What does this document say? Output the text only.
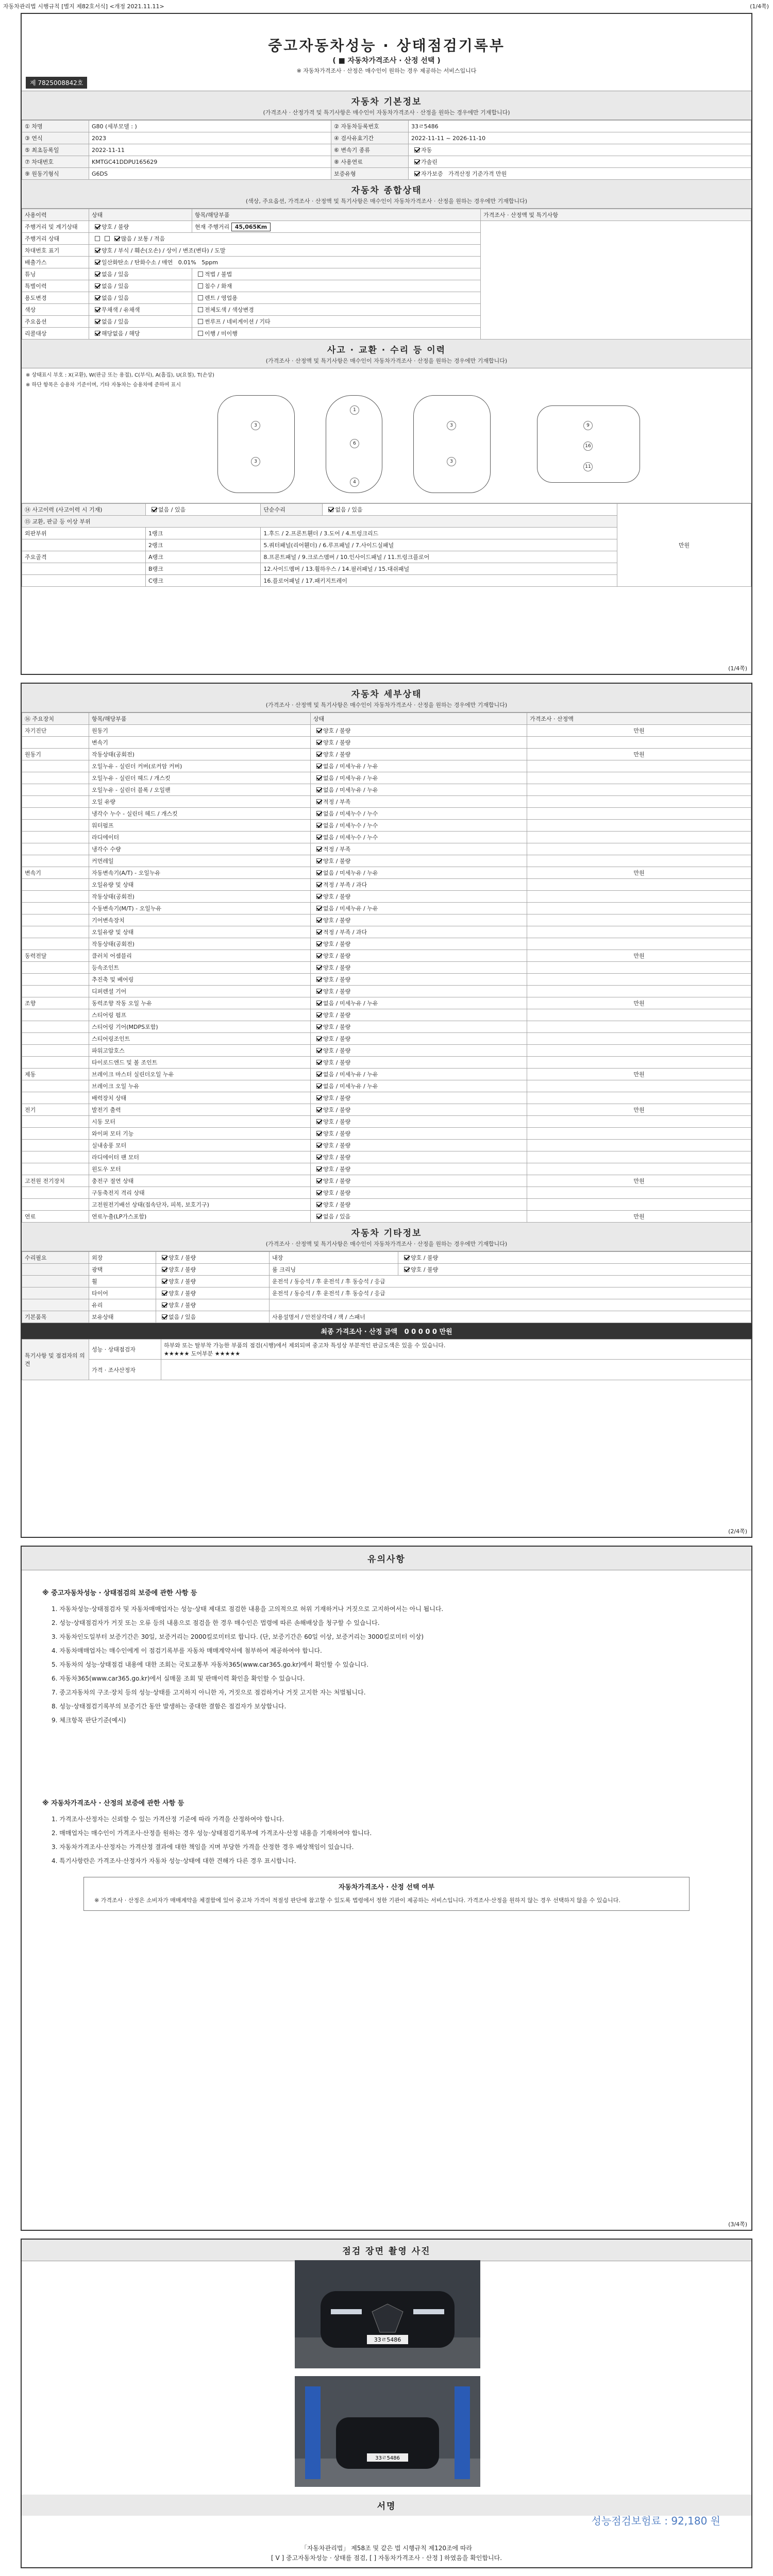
자동차관리법 시행규칙 [별지 제82호서식] <개정 2021.11.11>	(1/4쪽)
중고자동차성능 · 상태점검기록부
( ■ 자동차가격조사 · 산정 선택 )
※ 자동차가격조사 · 산정은 매수인이 원하는 경우 제공하는 서비스입니다
제 7825008842호
자동차 기본정보
(가격조사 · 산정가격 및 특기사항은 매수인이 자동차가격조사 · 산정을 원하는 경우에만 기재합니다)
① 차명	G80 (세부모델 : )	② 자동차등록번호	33ㄹ5486
③ 연식	2023	④ 검사유효기간	2022-11-11 ~ 2026-11-10
⑤ 최초등록일	2022-11-11	⑥ 변속기 종류	자동
⑦ 차대번호	KMTGC41DDPU165629	⑧ 사용연료	가솔린
⑨ 원동기형식	G6DS	보증유형	자가보증 가격산정 기준가격 만원
자동차 종합상태
(색상, 주요옵션, 가격조사 · 산정액 및 특기사항은 매수인이 자동차가격조사 · 산정을 원하는 경우에만 기재합니다)
사용이력	상태	항목/해당부품	가격조사 · 산정액 및 특기사항
주행거리 및 계기상태	양호 / 불량	현재 주행거리 45,065Km	
주행거리 상태	많음 / 보통 / 적음		
차대번호 표기	양호 / 부식 / 훼손(오손) / 상이 / 변조(변타) / 도말		
배출가스	일산화탄소 / 탄화수소 / 매연 0.01% 5ppm		
튜닝	없음 / 있음	적법 / 불법	
특별이력	없음 / 있음	침수 / 화재	
용도변경	없음 / 있음	렌트 / 영업용	
색상	무채색 / 유채색	전체도색 / 색상변경	
주요옵션	없음 / 있음	썬루프 / 네비게이션 / 기타	
리콜대상	해당없음 / 해당	이행 / 미이행	
사고 · 교환 · 수리 등 이력
(가격조사 · 산정액 및 특기사항은 매수인이 자동차가격조사 · 산정을 원하는 경우에만 기재합니다)
※ 상태표시 부호 : X(교환), W(판금 또는 용접), C(부식), A(흠집), U(요철), T(손상)
※ 하단 항목은 승용차 기준이며, 기타 자동차는 승용차에 준하여 표시
1
6
4
3
3
3
3
9
16
11
⑭ 사고이력 (사고이력 시 기재)	없음 / 있음	단순수리	없음 / 있음	만원
⑮ 교환, 판금 등 이상 부위				
외판부위	1랭크	1.후드 / 2.프론트휀더 / 3.도어 / 4.트렁크리드		
	2랭크	5.쿼터패널(리어휀더) / 6.루프패널 / 7.사이드실패널		
주요골격	A랭크	8.프론트패널 / 9.크로스멤버 / 10.인사이드패널 / 11.트렁크플로어		
	B랭크	12.사이드멤버 / 13.휠하우스 / 14.필러패널 / 15.대쉬패널		
	C랭크	16.플로어패널 / 17.패키지트레이		
(1/4쪽)
자동차 세부상태
(가격조사 · 산정액 및 특기사항은 매수인이 자동차가격조사 · 산정을 원하는 경우에만 기재합니다)
⑯ 주요장치	항목/해당부품	상태	가격조사 · 산정액
자기진단	원동기	양호 / 불량	만원
	변속기	양호 / 불량	
원동기	작동상태(공회전)	양호 / 불량	만원
	오일누유 - 실린더 커버(로커암 커버)	없음 / 미세누유 / 누유	
	오일누유 - 실린더 헤드 / 개스킷	없음 / 미세누유 / 누유	
	오일누유 - 실린더 블록 / 오일팬	없음 / 미세누유 / 누유	
	오일 유량	적정 / 부족	
	냉각수 누수 - 실린더 헤드 / 개스킷	없음 / 미세누수 / 누수	
	워터펌프	없음 / 미세누수 / 누수	
	라디에이터	없음 / 미세누수 / 누수	
	냉각수 수량	적정 / 부족	
	커먼레일	양호 / 불량	
변속기	자동변속기(A/T) - 오일누유	없음 / 미세누유 / 누유	만원
	오일유량 및 상태	적정 / 부족 / 과다	
	작동상태(공회전)	양호 / 불량	
	수동변속기(M/T) - 오일누유	없음 / 미세누유 / 누유	
	기어변속장치	양호 / 불량	
	오일유량 및 상태	적정 / 부족 / 과다	
	작동상태(공회전)	양호 / 불량	
동력전달	클러치 어셈블리	양호 / 불량	만원
	등속조인트	양호 / 불량	
	추진축 및 베어링	양호 / 불량	
	디퍼렌셜 기어	양호 / 불량	
조향	동력조향 작동 오일 누유	없음 / 미세누유 / 누유	만원
	스티어링 펌프	양호 / 불량	
	스티어링 기어(MDPS포함)	양호 / 불량	
	스티어링조인트	양호 / 불량	
	파워고압호스	양호 / 불량	
	타이로드엔드 및 볼 조인트	양호 / 불량	
제동	브레이크 마스터 실린더오일 누유	없음 / 미세누유 / 누유	만원
	브레이크 오일 누유	없음 / 미세누유 / 누유	
	배력장치 상태	양호 / 불량	
전기	발전기 출력	양호 / 불량	만원
	시동 모터	양호 / 불량	
	와이퍼 모터 기능	양호 / 불량	
	실내송풍 모터	양호 / 불량	
	라디에이터 팬 모터	양호 / 불량	
	윈도우 모터	양호 / 불량	
고전원 전기장치	충전구 절연 상태	양호 / 불량	만원
	구동축전지 격리 상태	양호 / 불량	
	고전원전기배선 상태(접속단자, 피복, 보호기구)	양호 / 불량	
연료	연료누출(LP가스포함)	없음 / 있음	만원
자동차 기타정보
(가격조사 · 산정액 및 특기사항은 매수인이 자동차가격조사 · 산정을 원하는 경우에만 기재합니다)
수리필요	외장	양호 / 불량	내장	양호 / 불량
	광택	양호 / 불량	룸 크리닝	양호 / 불량
	휠	양호 / 불량	운전석 / 동승석 / 후 운전석 / 후 동승석 / 응급	
	타이어	양호 / 불량	운전석 / 동승석 / 후 운전석 / 후 동승석 / 응급	
	유리	양호 / 불량		
기본품목	보유상태	없음 / 있음	사용설명서 / 안전삼각대 / 잭 / 스패너	
최종 가격조사 · 산정 금액 0 0 0 0 0 만원
특기사항 및 점검자의 의견	성능 · 상태점검자	하부와 또는 탈부착 가능한 부품의 점검(시행)에서 제외되며 중고차 특성상 부분적인 판금도색은 있을 수 있습니다.
★★★★★ 도어부분 ★★★★★

	가격 · 조사산정자	
(2/4쪽)
유의사항
※ 중고자동차성능 · 상태점검의 보증에 관한 사항 등

1. 자동차성능·상태점검자 및 자동차매매업자는 성능·상태 제대로 점검한 내용을 고의적으로 허위 기재하거나 거짓으로 고지하여서는 아니 됩니다.

2. 성능·상태점검자가 거짓 또는 오류 등의 내용으로 점검을 한 경우 매수인은 법령에 따른 손해배상을 청구할 수 있습니다.

3. 자동차인도일부터 보증기간은 30일, 보증거리는 2000킬로미터로 합니다. (단, 보증기간은 60일 이상, 보증거리는 3000킬로미터 이상)

4. 자동차매매업자는 매수인에게 이 점검기록부를 자동차 매매계약서에 첨부하여 제공하여야 합니다.

5. 자동차의 성능·상태점검 내용에 대한 조회는 국토교통부 자동차365(www.car365.go.kr)에서 확인할 수 있습니다.

6. 자동차365(www.car365.go.kr)에서 실매물 조회 및 판매이력 확인을 확인할 수 있습니다.

7. 중고자동차의 구조·장치 등의 성능·상태를 고지하지 아니한 자, 거짓으로 점검하거나 거짓 고지한 자는 처벌됩니다.

8. 성능·상태점검기록부의 보증기간 동안 발생하는 중대한 결함은 점검자가 보상합니다.

9. 체크항목 판단기준(예시)

※ 자동차가격조사 · 산정의 보증에 관한 사항 등

1. 가격조사·산정자는 신뢰할 수 있는 가격산정 기준에 따라 가격을 산정하여야 합니다.

2. 매매업자는 매수인이 가격조사·산정을 원하는 경우 성능·상태점검기록부에 가격조사·산정 내용을 기재하여야 합니다.

3. 자동차가격조사·산정자는 가격산정 결과에 대한 책임을 지며 부당한 가격을 산정한 경우 배상책임이 있습니다.

4. 특기사항란은 가격조사·산정자가 자동차 성능·상태에 대한 견해가 다른 경우 표시합니다.

자동차가격조사 · 산정 선택 여부
※ 가격조사 · 산정은 소비자가 매매계약을 체결함에 있어 중고차 가격이 적절성 판단에 참고할 수 있도록 법령에서 정한 기관이 제공하는 서비스입니다. 가격조사·산정을 원하지 않는 경우 선택하지 않을 수 있습니다.
(3/4쪽)
점검 장면 촬영 사진
33ㄹ5486
33ㄹ5486
서명
성능점검보험료 : 92,180 원
「자동차관리법」 제58조 및 같은 법 시행규칙 제120조에 따라
[ V ] 중고자동차성능 · 상태를 점검, [ ] 자동차가격조사 · 산정 ] 하였음을 확인합니다.
